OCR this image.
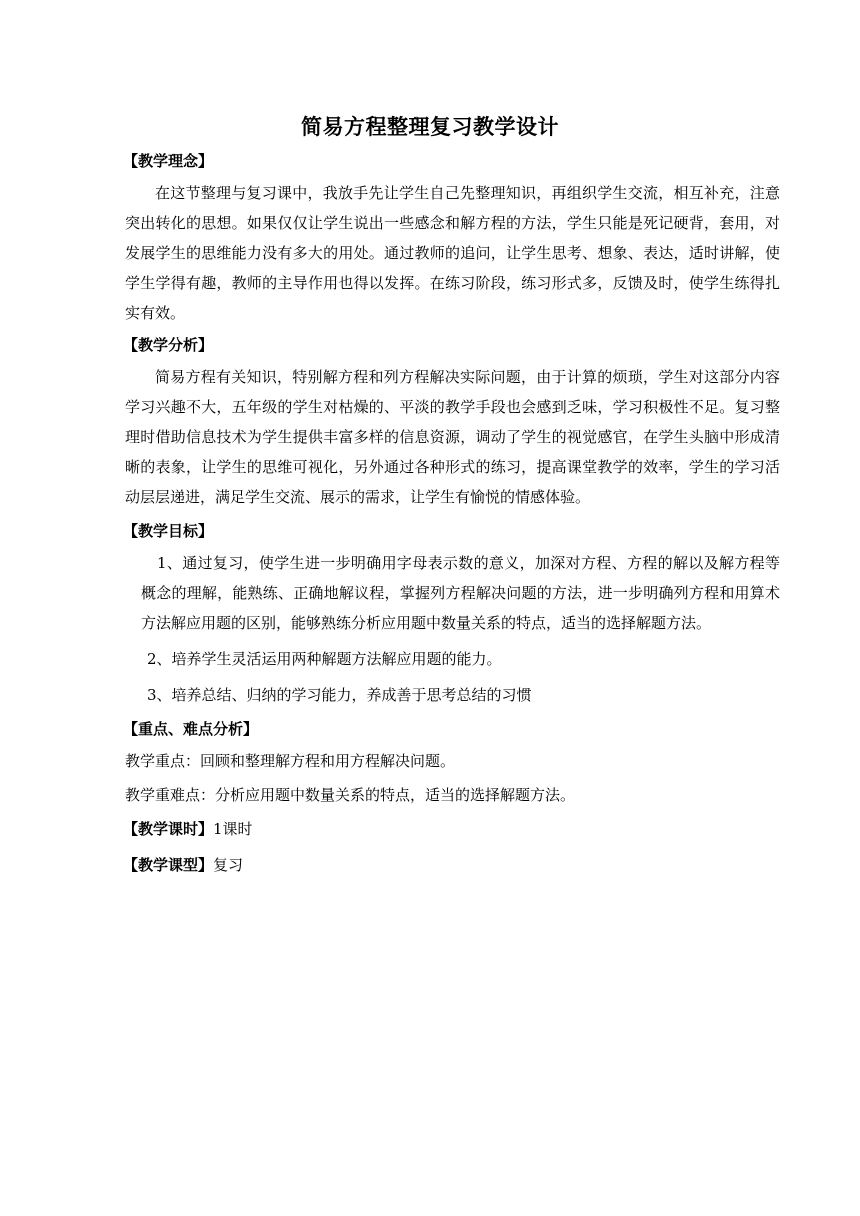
简易方程整理复习教学设计
【教学理念】

在这节整理与复习课中，我放手先让学生自己先整理知识，再组织学生交流，相互补充，注意突出转化的思想。如果仅仅让学生说出一些感念和解方程的方法，学生只能是死记硬背，套用，对发展学生的思维能力没有多大的用处。通过教师的追问，让学生思考、想象、表达，适时讲解，使学生学得有趣，教师的主导作用也得以发挥。在练习阶段，练习形式多，反馈及时，使学生练得扎实有效。

【教学分析】

简易方程有关知识，特别解方程和列方程解决实际问题，由于计算的烦琐，学生对这部分内容学习兴趣不大，五年级的学生对枯燥的、平淡的教学手段也会感到乏味，学习积极性不足。复习整理时借助信息技术为学生提供丰富多样的信息资源，调动了学生的视觉感官，在学生头脑中形成清晰的表象，让学生的思维可视化，另外通过各种形式的练习，提高课堂教学的效率，学生的学习活动层层递进，满足学生交流、展示的需求，让学生有愉悦的情感体验。

【教学目标】

1、通过复习，使学生进一步明确用字母表示数的意义，加深对方程、方程的解以及解方程等概念的理解，能熟练、正确地解议程，掌握列方程解决问题的方法，进一步明确列方程和用算术方法解应用题的区别，能够熟练分析应用题中数量关系的特点，适当的选择解题方法。

2、培养学生灵活运用两种解题方法解应用题的能力。

3、培养总结、归纳的学习能力，养成善于思考总结的习惯

【重点、难点分析】

教学重点：回顾和整理解方程和用方程解决问题。

教学重难点：分析应用题中数量关系的特点，适当的选择解题方法。

【教学课时】1课时
【教学课型】复习
